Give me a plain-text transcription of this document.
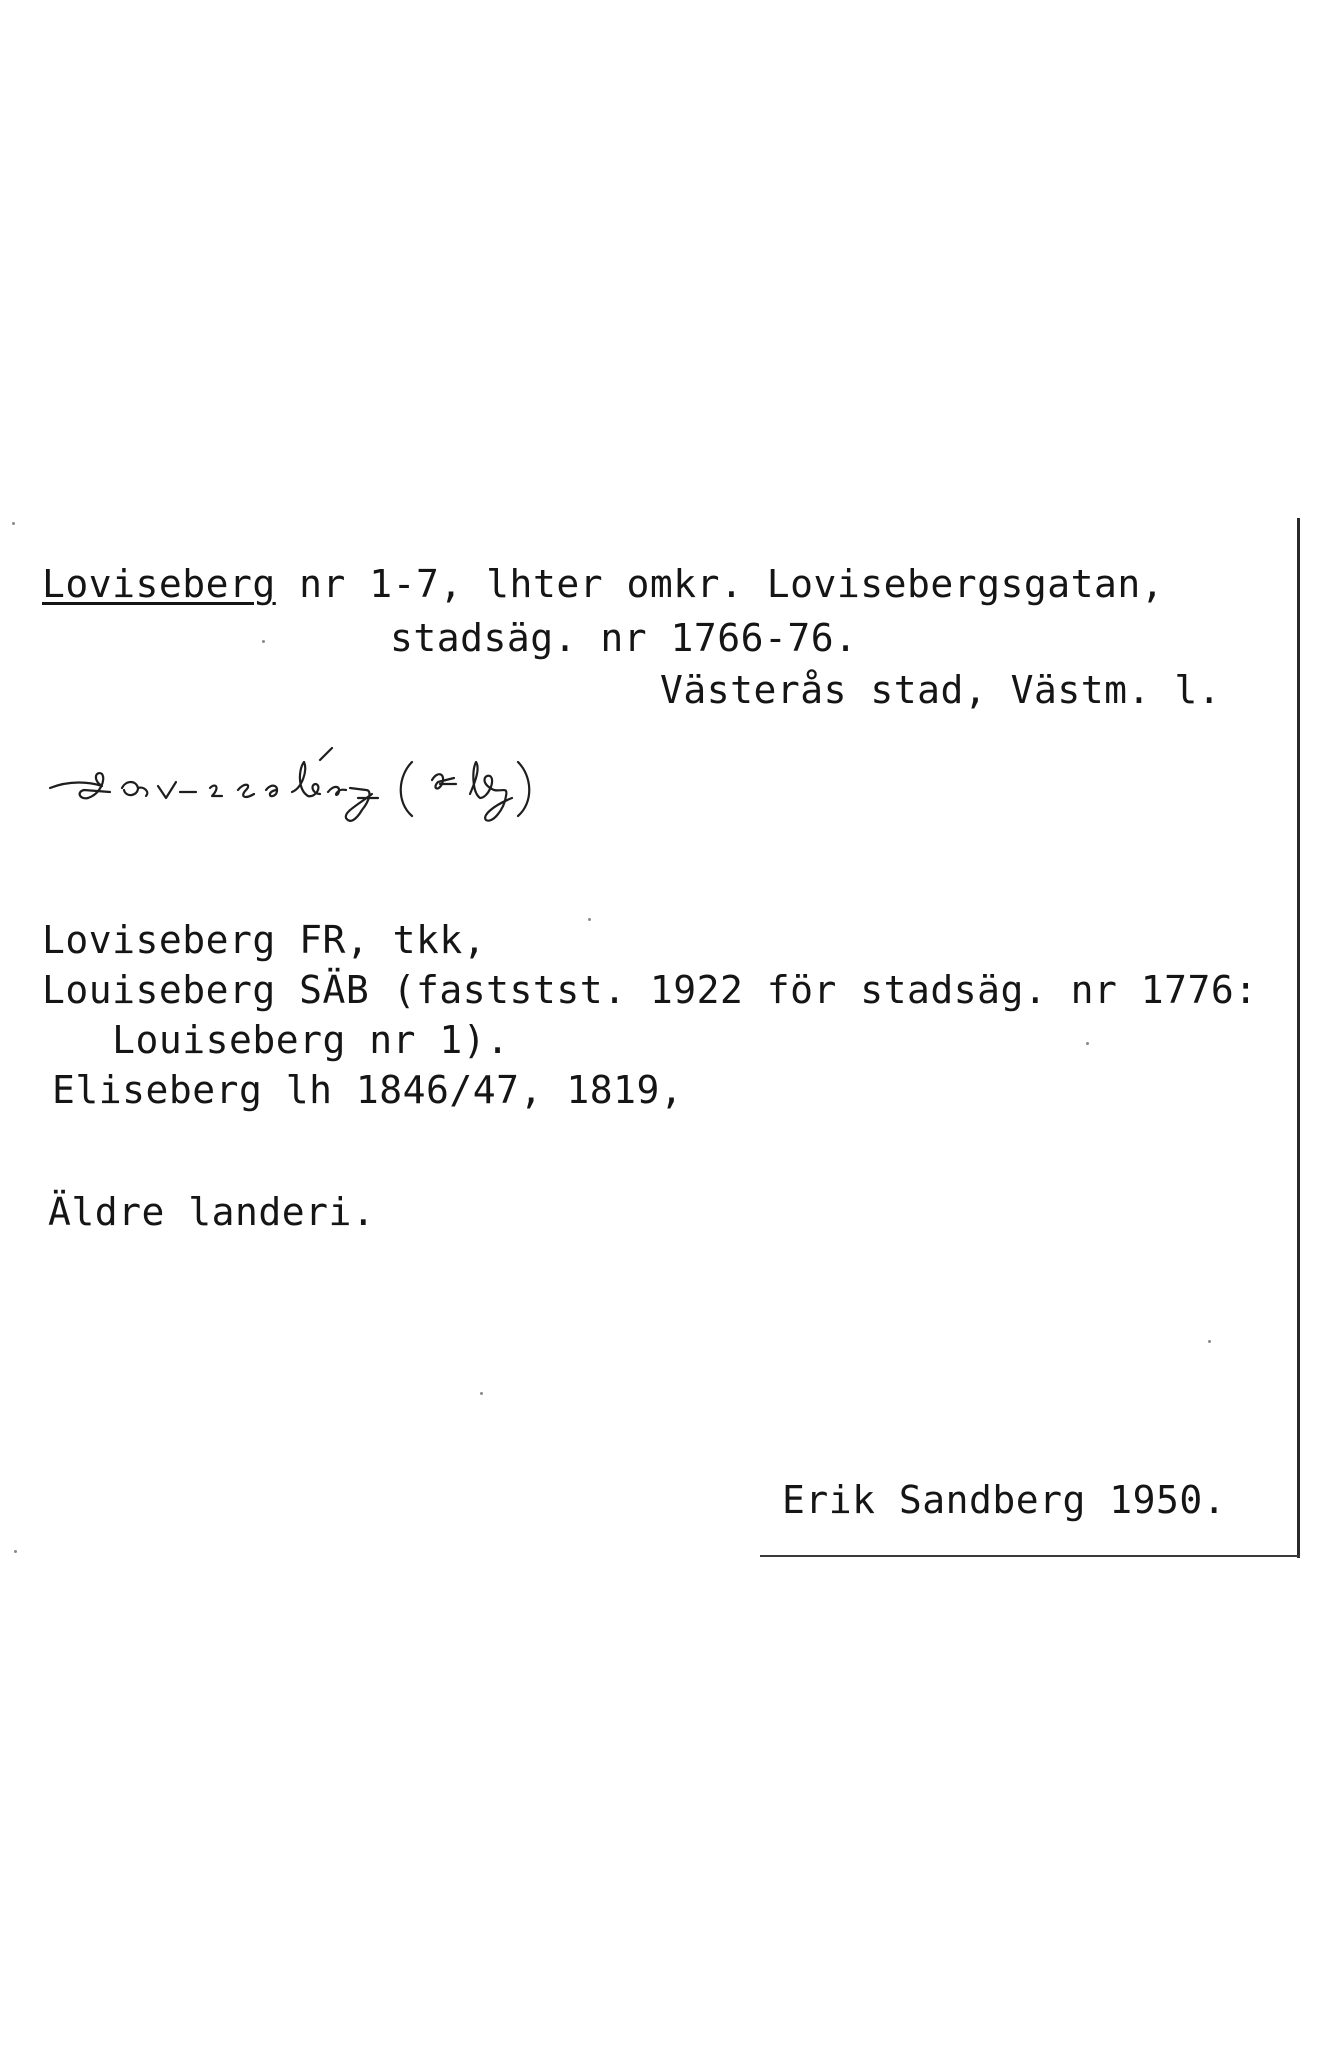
Loviseberg nr 1-7, lhter omkr. Lovisebergsgatan,
stadsäg. nr 1766-76.
Västerås stad, Västm. l.
Loviseberg FR, tkk,
Louiseberg SÄB (faststst. 1922 för stadsäg. nr 1776:
Louiseberg nr 1).
Eliseberg lh 1846/47, 1819,
Äldre landeri.
Erik Sandberg 1950.
